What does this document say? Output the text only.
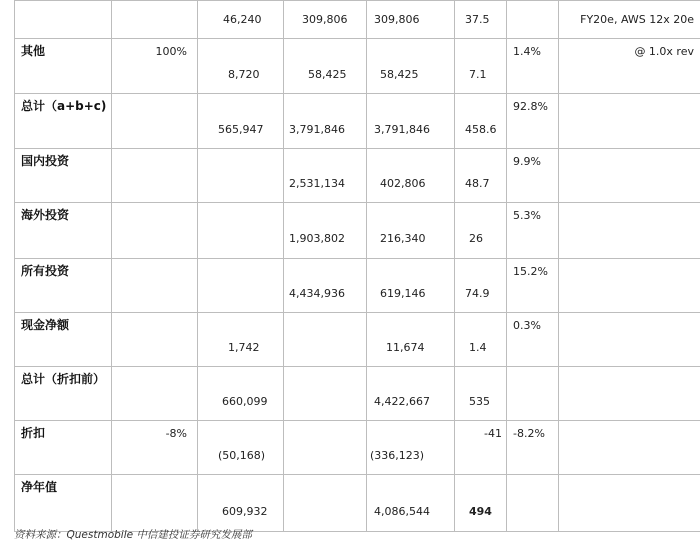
		46,240	309,806	309,806	37.5		FY20e, AWS 12x 20e

其他	100%	8,720	58,425	58,425	7.1	1.4%	@ 1.0x rev

总计（a+b+c)		565,947	3,791,846	3,791,846	458.6	92.8%	

国内投资			2,531,134	402,806	48.7	9.9%	

海外投资			1,903,802	216,340	26	5.3%	

所有投资			4,434,936	619,146	74.9	15.2%	

现金净额		1,742		11,674	1.4	0.3%	

总计（折扣前）		660,099		4,422,667	535		

折扣	-8%	(50,168)		(336,123)	-41	-8.2%	

净年值		609,932		4,086,544	494		

资料来源：Questmobile 中信建投证券研究发展部
